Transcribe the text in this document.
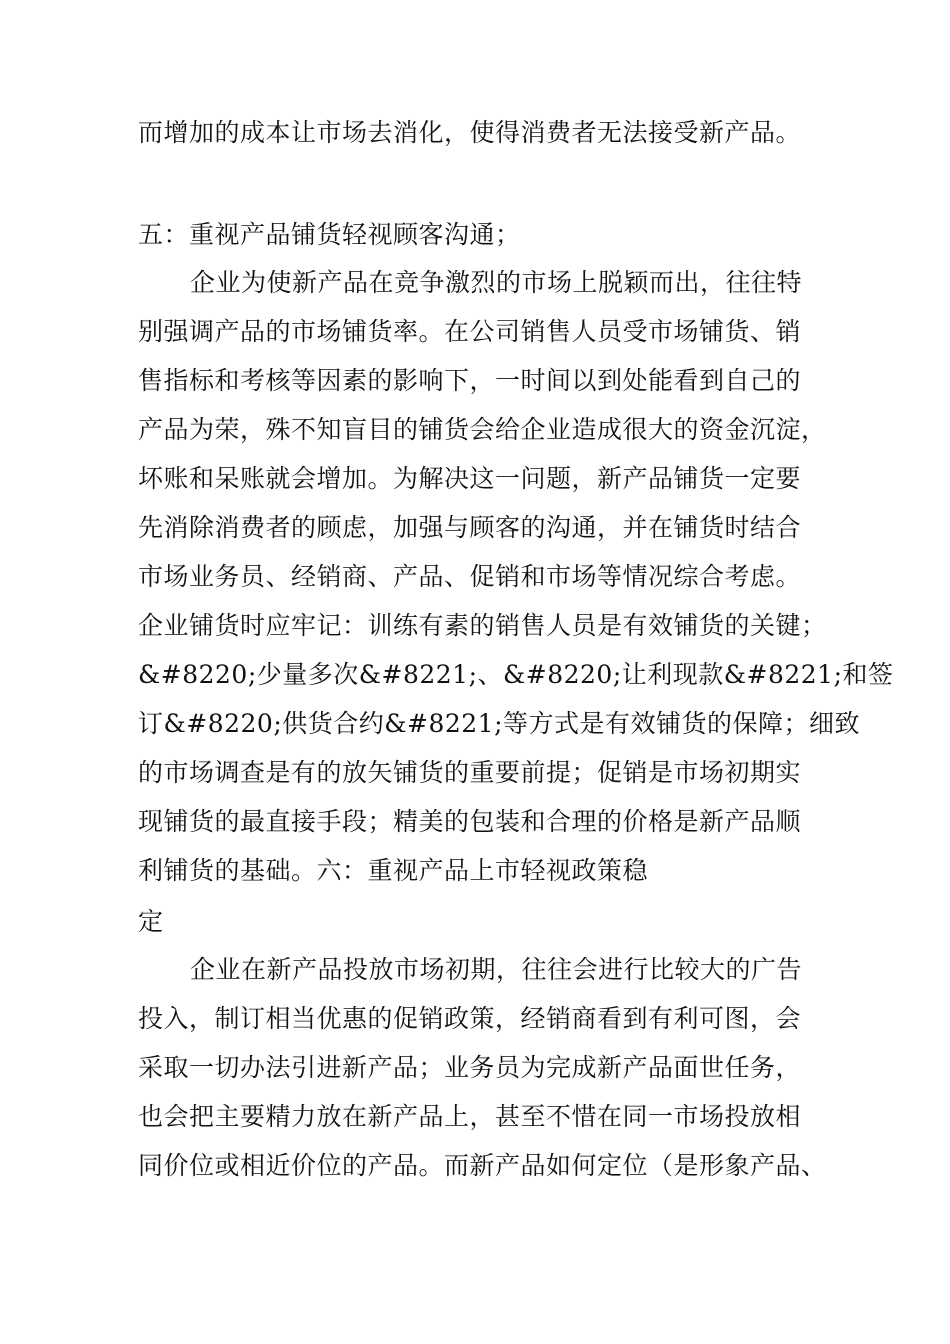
而增加的成本让市场去消化，使得消费者无法接受新产品。

五：重视产品铺货轻视顾客沟通；

企业为使新产品在竞争激烈的市场上脱颖而出，往往特

别强调产品的市场铺货率。在公司销售人员受市场铺货、销

售指标和考核等因素的影响下，一时间以到处能看到自己的

产品为荣，殊不知盲目的铺货会给企业造成很大的资金沉淀，

坏账和呆账就会增加。为解决这一问题，新产品铺货一定要

先消除消费者的顾虑，加强与顾客的沟通，并在铺货时结合

市场业务员、经销商、产品、促销和市场等情况综合考虑。

企业铺货时应牢记：训练有素的销售人员是有效铺货的关键；

&#8220;少量多次&#8221;、&#8220;让利现款&#8221;和签

订&#8220;供货合约&#8221;等方式是有效铺货的保障；细致

的市场调查是有的放矢铺货的重要前提；促销是市场初期实

现铺货的最直接手段；精美的包装和合理的价格是新产品顺

利铺货的基础。六：重视产品上市轻视政策稳

定

企业在新产品投放市场初期，往往会进行比较大的广告

投入，制订相当优惠的促销政策，经销商看到有利可图，会

采取一切办法引进新产品；业务员为完成新产品面世任务，

也会把主要精力放在新产品上，甚至不惜在同一市场投放相

同价位或相近价位的产品。而新产品如何定位（是形象产品、
